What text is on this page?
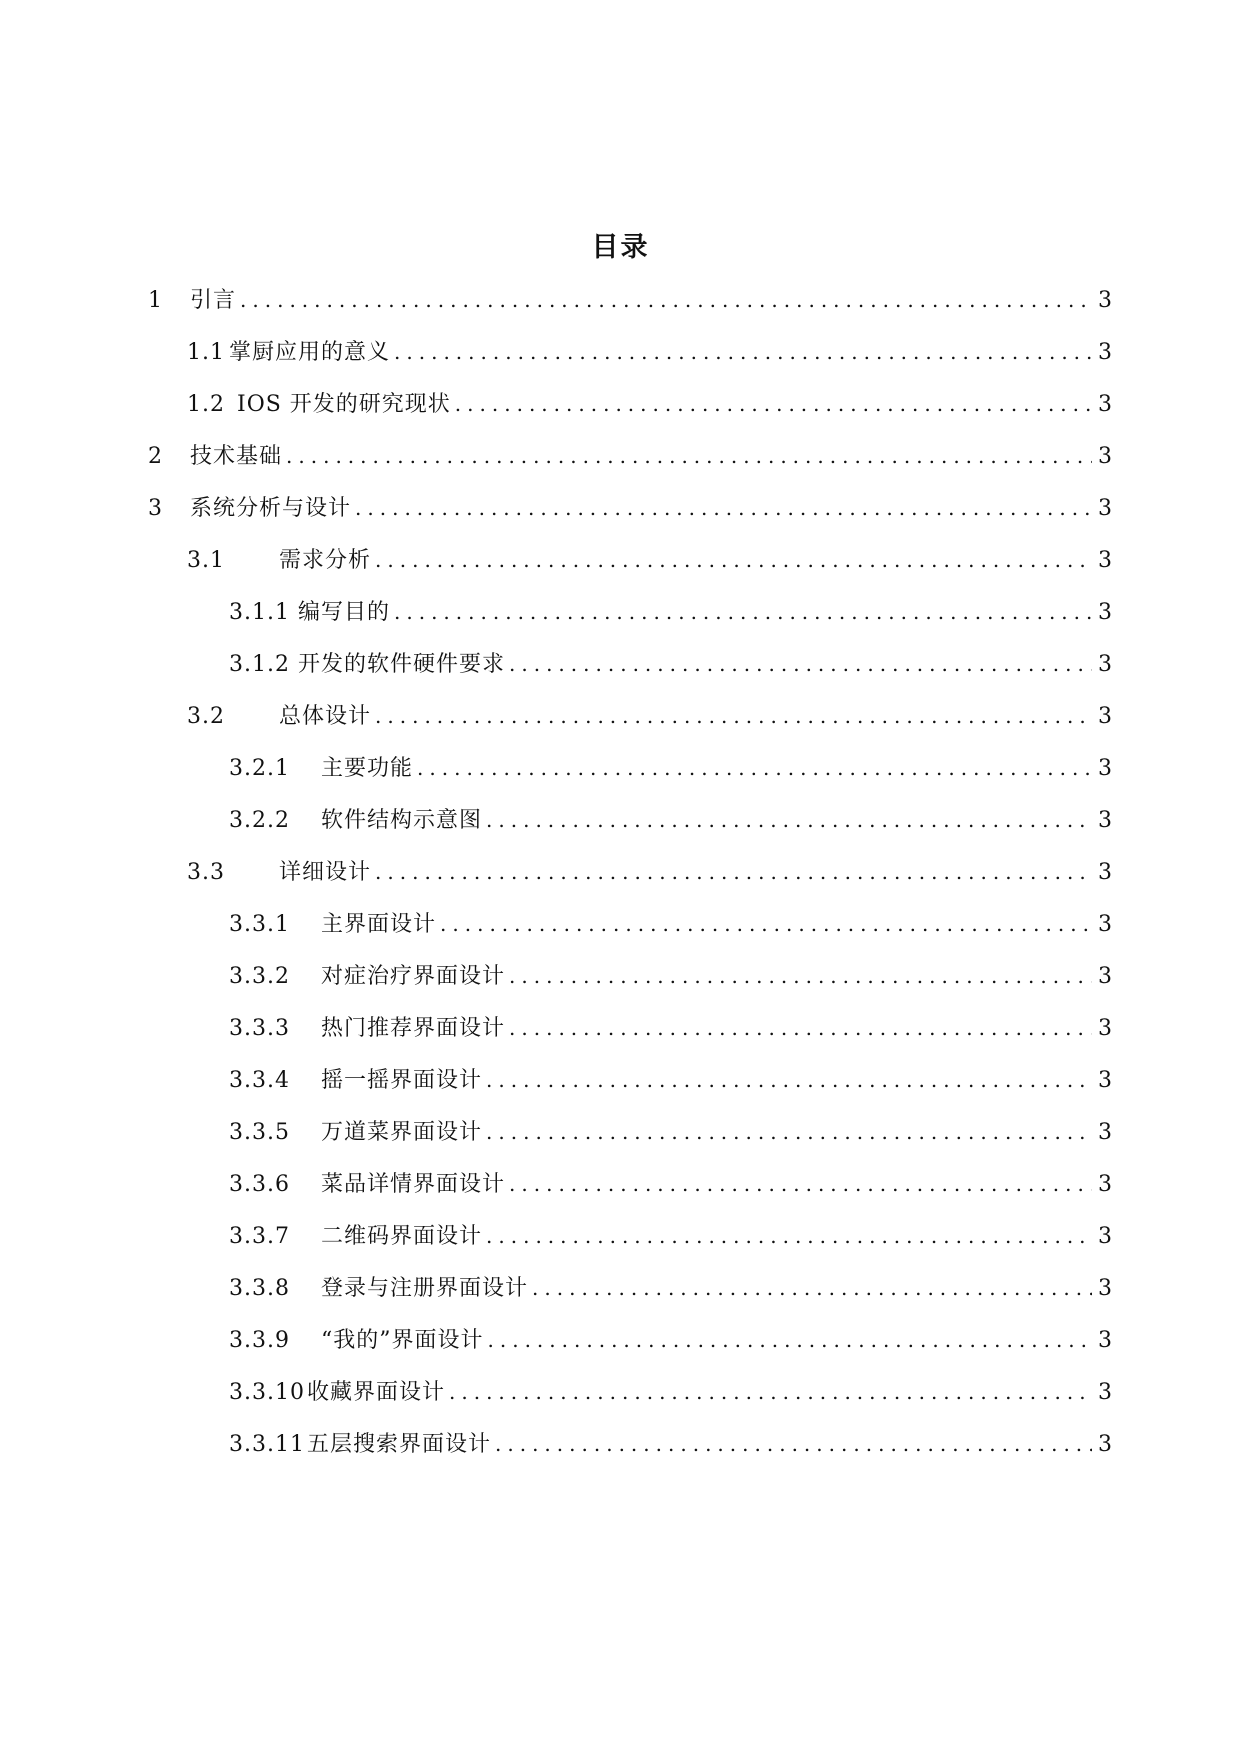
目录
1	引言 .....	3
1.1 掌厨应用的意义 .....	3
1.2 IOS 开发的研究现状 .....	3
2	技术基础 .....	3
3	系统分析与设计 .....	3
3.1	需求分析 .....	3
3.1.1 编写目的 .....	3
3.1.2 开发的软件硬件要求 .....	3
3.2	总体设计 .....	3
3.2.1	主要功能 .....	3
3.2.2	软件结构示意图 .....	3
3.3	详细设计 .....	3
3.3.1	主界面设计 .....	3
3.3.2	对症治疗界面设计 .....	3
3.3.3	热门推荐界面设计 .....	3
3.3.4	摇一摇界面设计 .....	3
3.3.5	万道菜界面设计 .....	3
3.3.6	菜品详情界面设计 .....	3
3.3.7	二维码界面设计 .....	3
3.3.8	登录与注册界面设计 .....	3
3.3.9	“我的”界面设计 .....	3
3.3.10 收藏界面设计 .....	3
3.3.11 五层搜索界面设计 .....	3
